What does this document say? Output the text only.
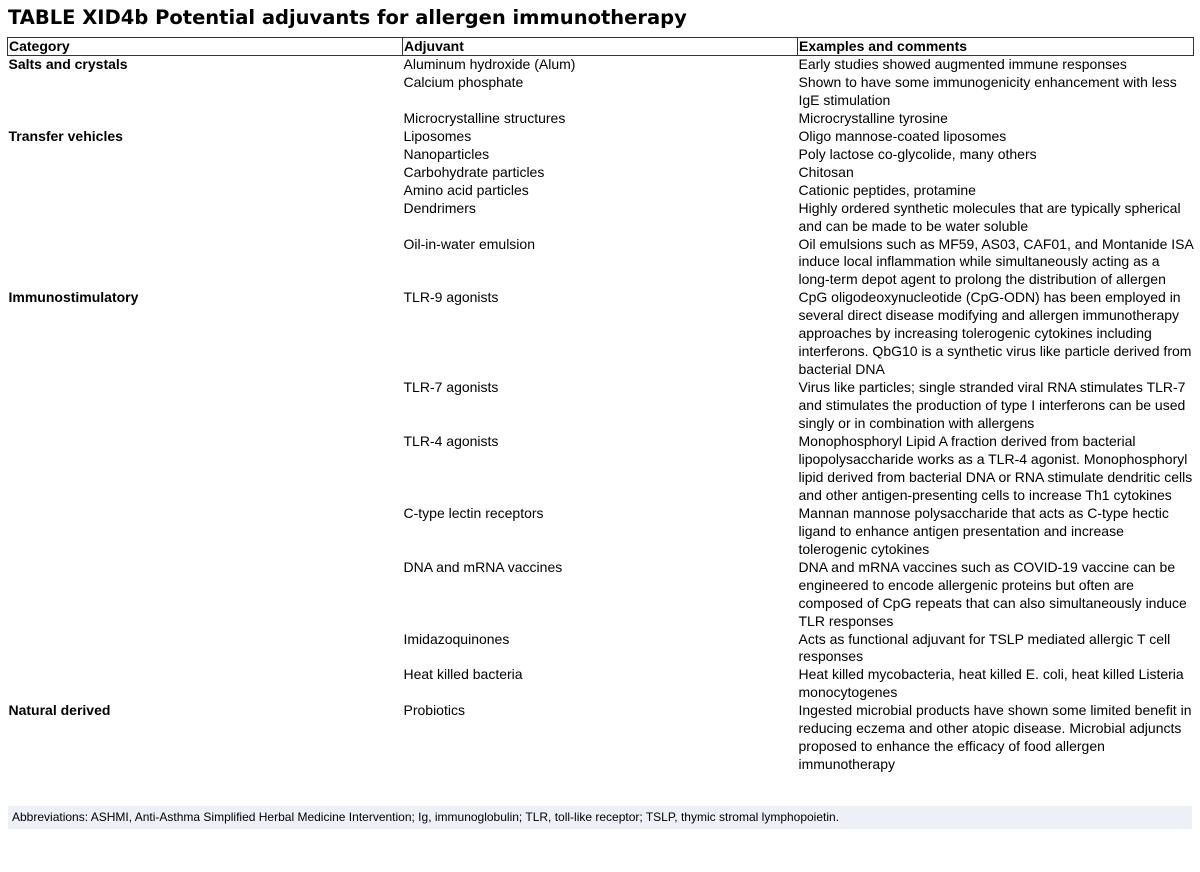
TABLE XID4b Potential adjuvants for allergen immunotherapy
Category	Adjuvant	Examples and comments
Salts and crystals	Aluminum hydroxide (Alum)	Early studies showed augmented immune responses
	Calcium phosphate	Shown to have some immunogenicity enhancement with less IgE stimulation
	Microcrystalline structures	Microcrystalline tyrosine
Transfer vehicles	Liposomes	Oligo mannose-coated liposomes
	Nanoparticles	Poly lactose co-glycolide, many others
	Carbohydrate particles	Chitosan
	Amino acid particles	Cationic peptides, protamine
	Dendrimers	Highly ordered synthetic molecules that are typically spherical and can be made to be water soluble
	Oil-in-water emulsion	Oil emulsions such as MF59, AS03, CAF01, and Montanide ISA induce local inflammation while simultaneously acting as a long-term depot agent to prolong the distribution of allergen
Immunostimulatory	TLR-9 agonists	CpG oligodeoxynucleotide (CpG-ODN) has been employed in several direct disease modifying and allergen immunotherapy approaches by increasing tolerogenic cytokines including interferons. QbG10 is a synthetic virus like particle derived from bacterial DNA
	TLR-7 agonists	Virus like particles; single stranded viral RNA stimulates TLR-7 and stimulates the production of type I interferons can be used singly or in combination with allergens
	TLR-4 agonists	Monophosphoryl Lipid A fraction derived from bacterial lipopolysaccharide works as a TLR-4 agonist. Monophosphoryl lipid derived from bacterial DNA or RNA stimulate dendritic cells and other antigen-presenting cells to increase Th1 cytokines
	C-type lectin receptors	Mannan mannose polysaccharide that acts as C-type hectic ligand to enhance antigen presentation and increase tolerogenic cytokines
	DNA and mRNA vaccines	DNA and mRNA vaccines such as COVID-19 vaccine can be engineered to encode allergenic proteins but often are composed of CpG repeats that can also simultaneously induce TLR responses
	Imidazoquinones	Acts as functional adjuvant for TSLP mediated allergic T cell responses
	Heat killed bacteria	Heat killed mycobacteria, heat killed E. coli, heat killed Listeria monocytogenes
Natural derived	Probiotics	Ingested microbial products have shown some limited benefit in reducing eczema and other atopic disease. Microbial adjuncts proposed to enhance the efficacy of food allergen immunotherapy
Abbreviations: ASHMI, Anti-Asthma Simplified Herbal Medicine Intervention; Ig, immunoglobulin; TLR, toll-like receptor; TSLP, thymic stromal lymphopoietin.
